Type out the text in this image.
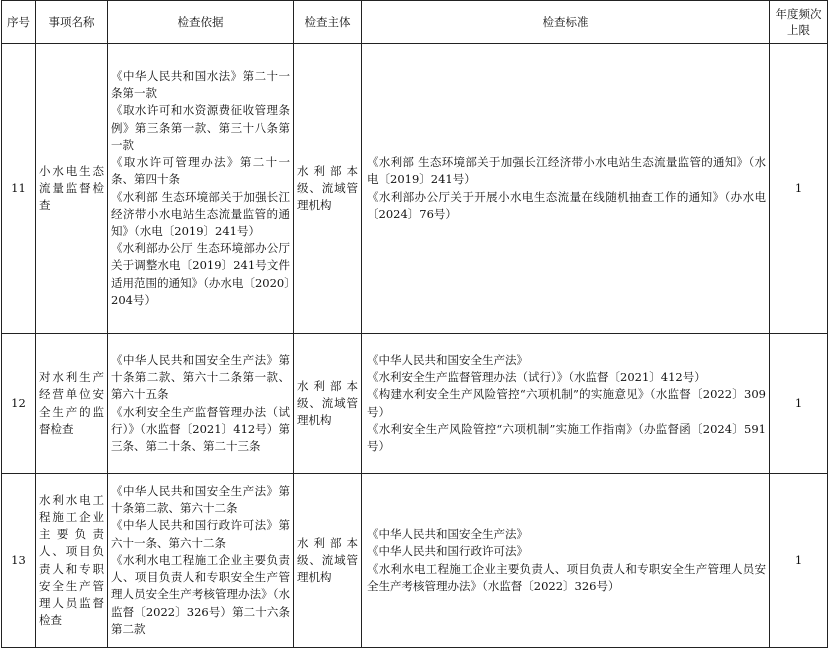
序号	事项名称	检查依据	检查主体	检查标准	年度频次上限
11	小水电生态流量监督检查	《中华人民共和国水法》第二十一条第一款
《取水许可和水资源费征收管理条例》第三条第一款、第三十八条第一款
《取水许可管理办法》第二十一条、第四十条
《水利部 生态环境部关于加强长江经济带小水电站生态流量监管的通知》（水电〔2019〕241号）
《水利部办公厅 生态环境部办公厅关于调整水电〔2019〕241号文件适用范围的通知》（办水电〔2020〕204号）	水利部本级、流域管理机构	《水利部 生态环境部关于加强长江经济带小水电站生态流量监管的通知》（水电〔2019〕241号）
《水利部办公厅关于开展小水电生态流量在线随机抽查工作的通知》（办水电〔2024〕76号）	1
12	对水利生产经营单位安全生产的监督检查	《中华人民共和国安全生产法》第十条第二款、第六十二条第一款、第六十五条
《水利安全生产监督管理办法（试行）》（水监督〔2021〕412号）第三条、第二十条、第二十三条	水利部本级、流域管理机构	《中华人民共和国安全生产法》
《水利安全生产监督管理办法（试行）》（水监督〔2021〕412号）
《构建水利安全生产风险管控“六项机制”的实施意见》（水监督〔2022〕309号）
《水利安全生产风险管控“六项机制”实施工作指南》（办监督函〔2024〕591号）	1
13	水利水电工程施工企业主要负责人、项目负责人和专职安全生产管理人员监督检查	《中华人民共和国安全生产法》第十条第二款、第六十二条
《中华人民共和国行政许可法》第六十一条、第六十二条
《水利水电工程施工企业主要负责人、项目负责人和专职安全生产管理人员安全生产考核管理办法》（水监督〔2022〕326号）第二十六条第二款	水利部本级、流域管理机构	《中华人民共和国安全生产法》
《中华人民共和国行政许可法》
《水利水电工程施工企业主要负责人、项目负责人和专职安全生产管理人员安全生产考核管理办法》（水监督〔2022〕326号）	1
